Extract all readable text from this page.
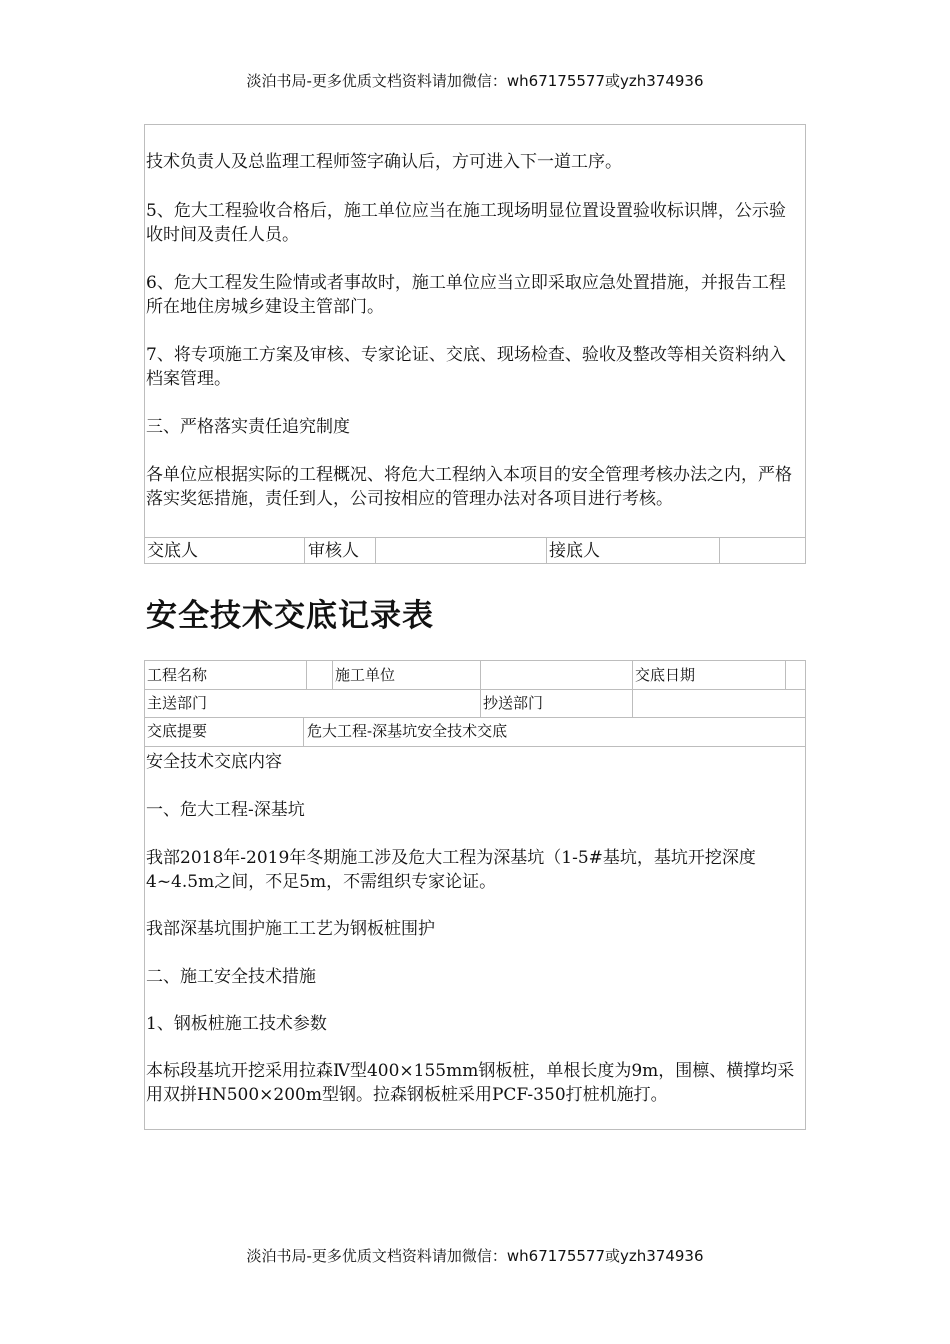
淡泊书局-更多优质文档资料请加微信：wh67175577或yzh374936

技术负责人及总监理工程师签字确认后，方可进入下一道工序。

5、危大工程验收合格后，施工单位应当在施工现场明显位置设置验收标识牌，公示验收时间及责任人员。

6、危大工程发生险情或者事故时，施工单位应当立即采取应急处置措施，并报告工程所在地住房城乡建设主管部门。

7、将专项施工方案及审核、专家论证、交底、现场检查、验收及整改等相关资料纳入档案管理。

三、严格落实责任追究制度

各单位应根据实际的工程概况、将危大工程纳入本项目的安全管理考核办法之内，严格落实奖惩措施，责任到人，公司按相应的管理办法对各项目进行考核。

交底人	审核人	接底人
安全技术交底记录表
工程名称	施工单位	交底日期
主送部门	抄送部门
交底提要	危大工程-深基坑安全技术交底

安全技术交底内容

一、危大工程-深基坑

我部2018年-2019年冬期施工涉及危大工程为深基坑（1-5#基坑，基坑开挖深度4~4.5m之间，不足5m，不需组织专家论证。

我部深基坑围护施工工艺为钢板桩围护

二、施工安全技术措施

1、钢板桩施工技术参数

本标段基坑开挖采用拉森Ⅳ型400×155mm钢板桩，单根长度为9m，围檩、横撑均采用双拼HN500×200m型钢。拉森钢板桩采用PCF-350打桩机施打。

淡泊书局-更多优质文档资料请加微信：wh67175577或yzh374936
